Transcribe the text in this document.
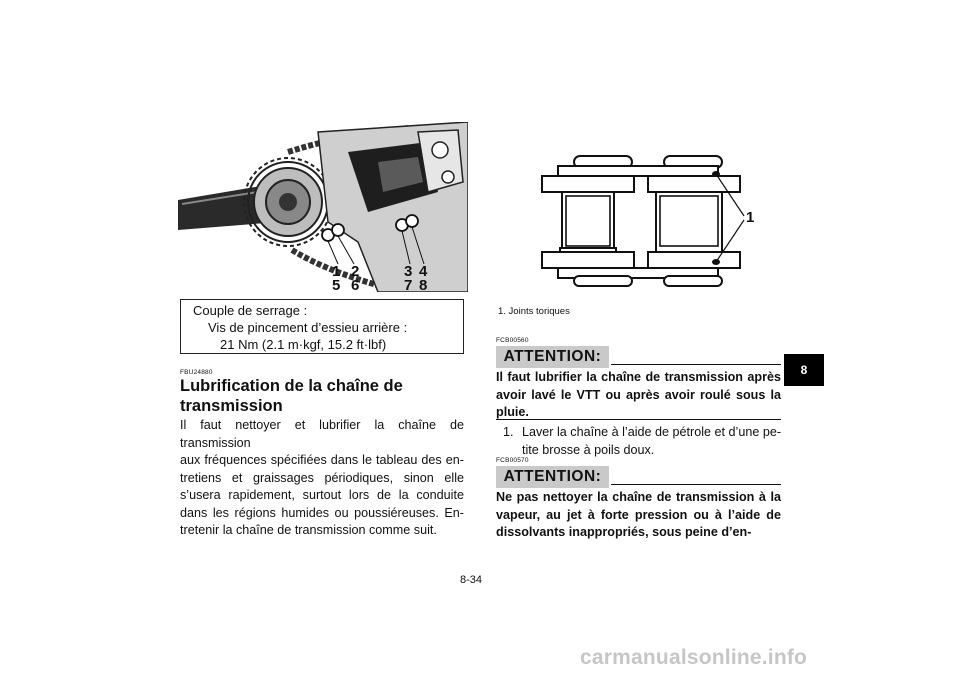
1 2	3 4
5 6	7 8
Couple de serrage :
Vis de pincement d’essieu arrière :
21 Nm (2.1 m·kgf, 15.2 ft·lbf)
FBU24880
Lubrification de la chaîne de
transmission
Il faut nettoyer et lubrifier la chaîne de transmission
aux fréquences spécifiées dans le tableau des en-
tretiens et graissages périodiques, sinon elle
s’usera rapidement, surtout lors de la conduite
dans les régions humides ou poussiéreuses. En-
tretenir la chaîne de transmission comme suit.
1
1. Joints toriques
FCB00560
ATTENTION:
Il faut lubrifier la chaîne de transmission après
avoir lavé le VTT ou après avoir roulé sous la
pluie.
1. Laver la chaîne à l’aide de pétrole et d’une pe-
tite brosse à poils doux.
FCB00570
ATTENTION:
Ne pas nettoyer la chaîne de transmission à la
vapeur, au jet à forte pression ou à l’aide de
dissolvants inappropriés, sous peine d’en-
8
8-34
carmanualsonline.info
